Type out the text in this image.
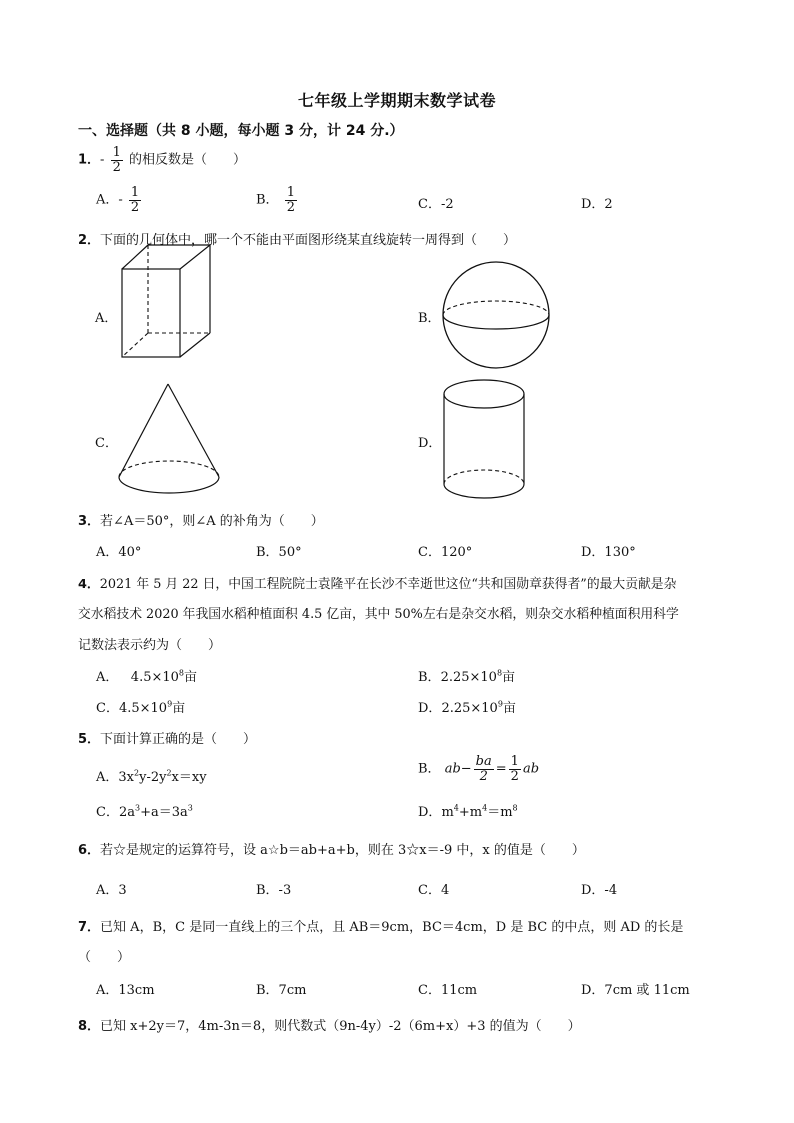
七年级上学期期末数学试卷
一、选择题（共 8 小题，每小题 3 分，计 24 分.）
1．- $\frac{1}{2}$ 的相反数是（　　）
A．- $\frac{1}{2}$	B． $\frac{1}{2}$	C．-2	D．2
2．下面的几何体中，哪一个不能由平面图形绕某直线旋转一周得到（　　）
A．	B．
C．	D．
3．若∠A＝50°，则∠A 的补角为（　　）
A．40°	B．50°	C．120°	D．130°
4．2021 年 5 月 22 日，中国工程院院士袁隆平在长沙不幸逝世这位“共和国勋章获得者”的最大贡献是杂
交水稻技术 2020 年我国水稻种植面积 4.5 亿亩，其中 50%左右是杂交水稻，则杂交水稻种植面积用科学
记数法表示约为（　　）
A． $4.5\times 10^8$亩	B．$2.25\times 10^8$亩
C．$4.5\times 10^9$亩	D．$2.25\times 10^9$亩
5．下面计算正确的是（　　）
A．$3x^2y-2y^2x=xy$
B． $ab- \frac{ba}{2} = \frac{1}{2}$ ab
C．$2a^3+a=3a^3$	D．$m^4+m^4=m^8$
6．若☆是规定的运算符号，设 a☆b＝ab+a+b，则在 3☆x＝-9 中，x 的值是（　　）
A．3	B．-3	C．4	D．-4
7．已知 A，B，C 是同一直线上的三个点，且 AB＝9cm，BC＝4cm，D 是 BC 的中点，则 AD 的长是
（　　）
A．13cm	B．7cm	C．11cm	D．7cm 或 11cm
8．已知 x+2y＝7，4m-3n＝8，则代数式（9n-4y）-2（6m+x）+3 的值为（　　）
